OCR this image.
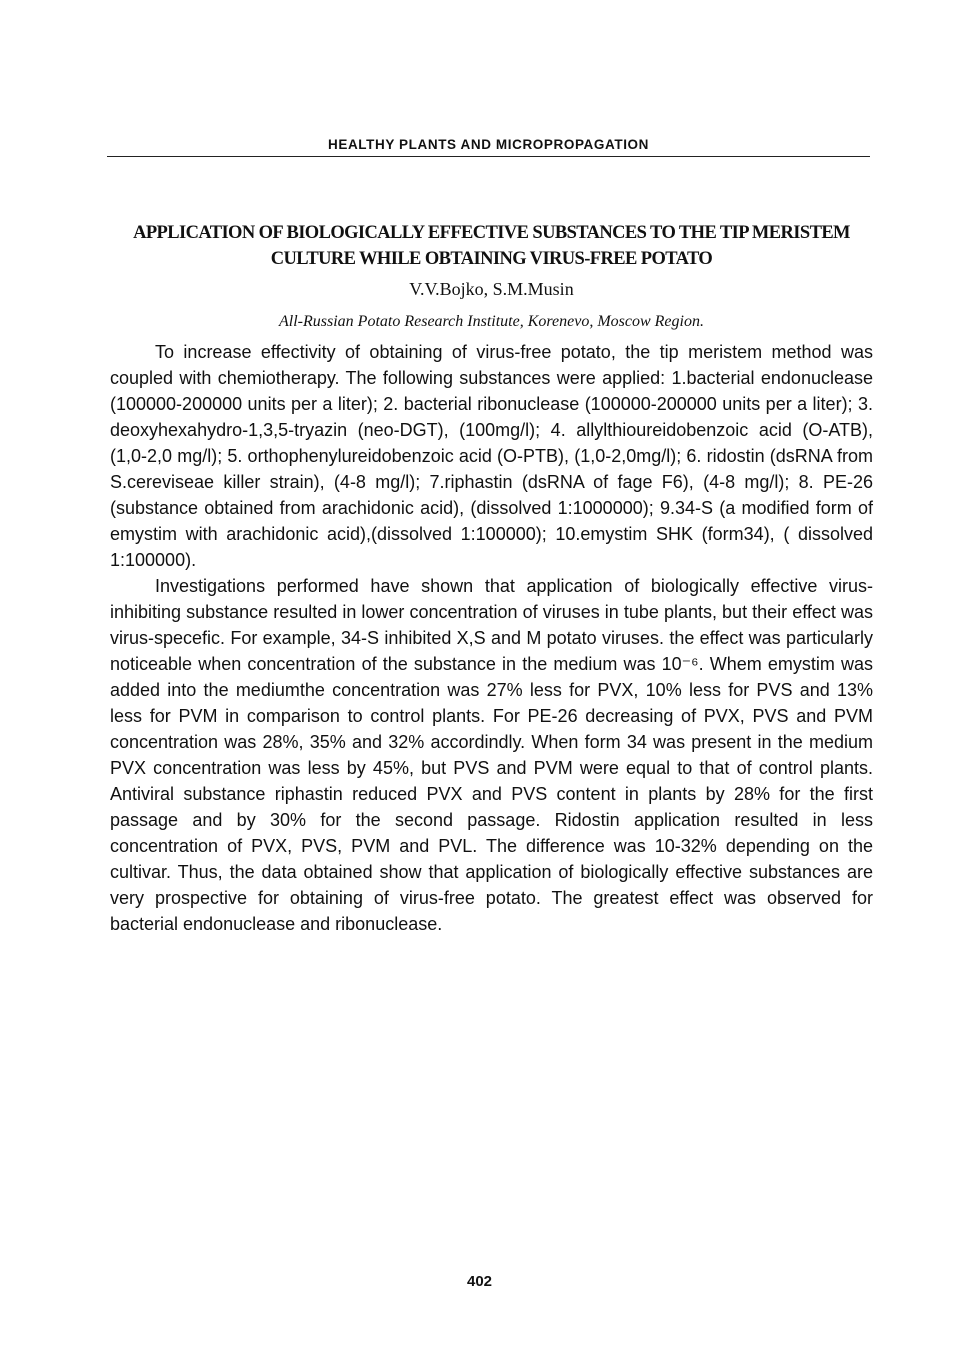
HEALTHY PLANTS AND MICROPROPAGATION
APPLICATION OF BIOLOGICALLY EFFECTIVE SUBSTANCES TO THE TIP MERISTEM CULTURE WHILE OBTAINING VIRUS-FREE POTATO
V.V.Bojko, S.M.Musin
All-Russian Potato Research Institute, Korenevo, Moscow Region.

To increase effectivity of obtaining of virus-free potato, the tip meristem method was coupled with chemiotherapy. The following substances were applied: 1.bacterial endonuclease (100000-200000 units per a liter); 2. bacterial ribonuclease (100000-200000 units per a liter); 3. deoxyhexahydro-1,3,5-tryazin (neo-DGT), (100mg/l); 4. allylthioureidobenzoic acid (O-ATB), (1,0-2,0 mg/l); 5. orthophenylureidobenzoic acid (O-PTB), (1,0-2,0mg/l); 6. ridostin (dsRNA from S.cereviseae killer strain), (4-8 mg/l); 7.riphastin (dsRNA of fage F6), (4-8 mg/l); 8. PE-26 (substance obtained from arachidonic acid), (dissolved 1:1000000); 9.34-S (a modified form of emystim with arachidonic acid),(dissolved 1:100000); 10.emystim SHK (form34), ( dissolved 1:100000).

Investigations performed have shown that application of biologically effective virus-inhibiting substance resulted in lower concentration of viruses in tube plants, but their effect was virus-specefic. For example, 34-S inhibited X,S and M potato viruses. the effect was particularly noticeable when concentration of the substance in the medium was 10⁻⁶. Whem emystim was added into the mediumthe concentration was 27% less for PVX, 10% less for PVS and 13% less for PVM in comparison to control plants. For PE-26 decreasing of PVX, PVS and PVM concentration was 28%, 35% and 32% accordindly. When form 34 was present in the medium PVX concentration was less by 45%, but PVS and PVM were equal to that of control plants. Antiviral substance riphastin reduced PVX and PVS content in plants by 28% for the first passage and by 30% for the second passage. Ridostin application resulted in less concentration of PVX, PVS, PVM and PVL. The difference was 10-32% depending on the cultivar. Thus, the data obtained show that application of biologically effective substances are very prospective for obtaining of virus-free potato. The greatest effect was observed for bacterial endonuclease and ribonuclease.

402
